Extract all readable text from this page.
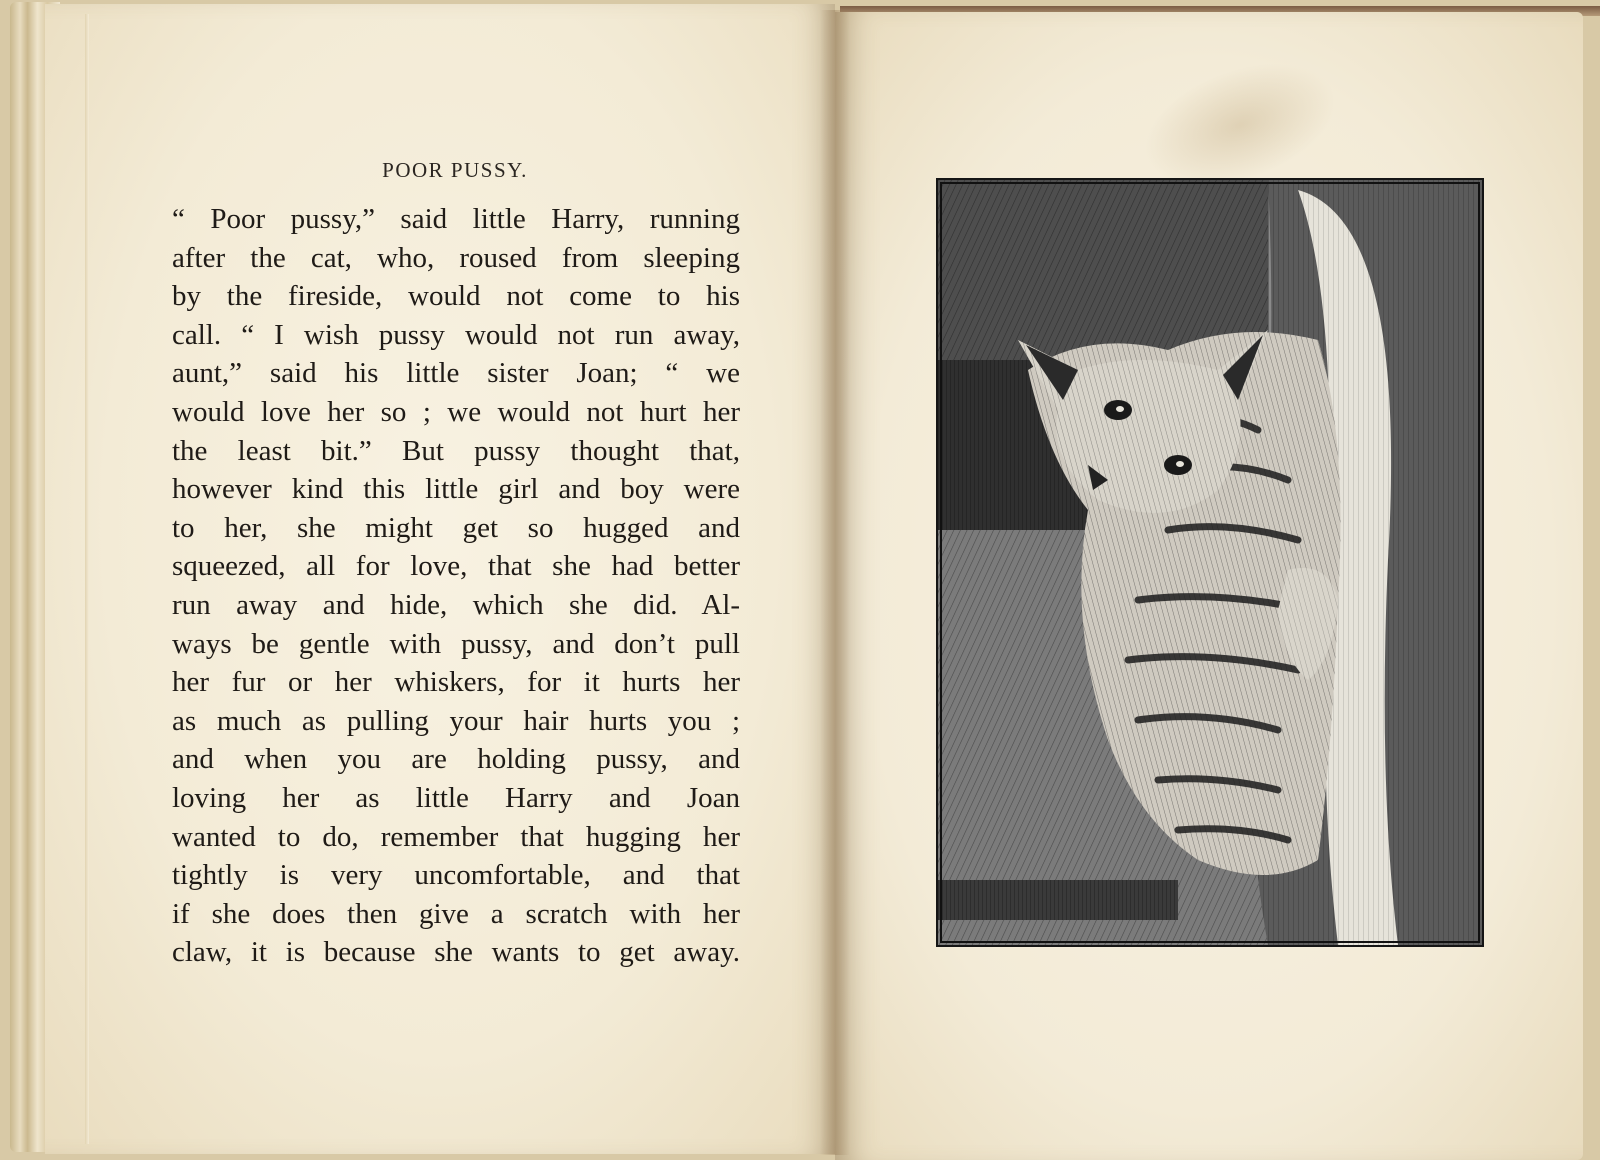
POOR PUSSY.
“ Poor pussy,” said little Harry, running
after the cat, who, roused from sleeping
by the fireside, would not come to his
call. “ I wish pussy would not run away,
aunt,” said his little sister Joan; “ we
would love her so ; we would not hurt her
the least bit.” But pussy thought that,
however kind this little girl and boy were
to her, she might get so hugged and
squeezed, all for love, that she had better
run away and hide, which she did. Al-
ways be gentle with pussy, and don’t pull
her fur or her whiskers, for it hurts her
as much as pulling your hair hurts you ;
and when you are holding pussy, and
loving her as little Harry and Joan
wanted to do, remember that hugging her
tightly is very uncomfortable, and that
if she does then give a scratch with her
claw, it is because she wants to get away.
